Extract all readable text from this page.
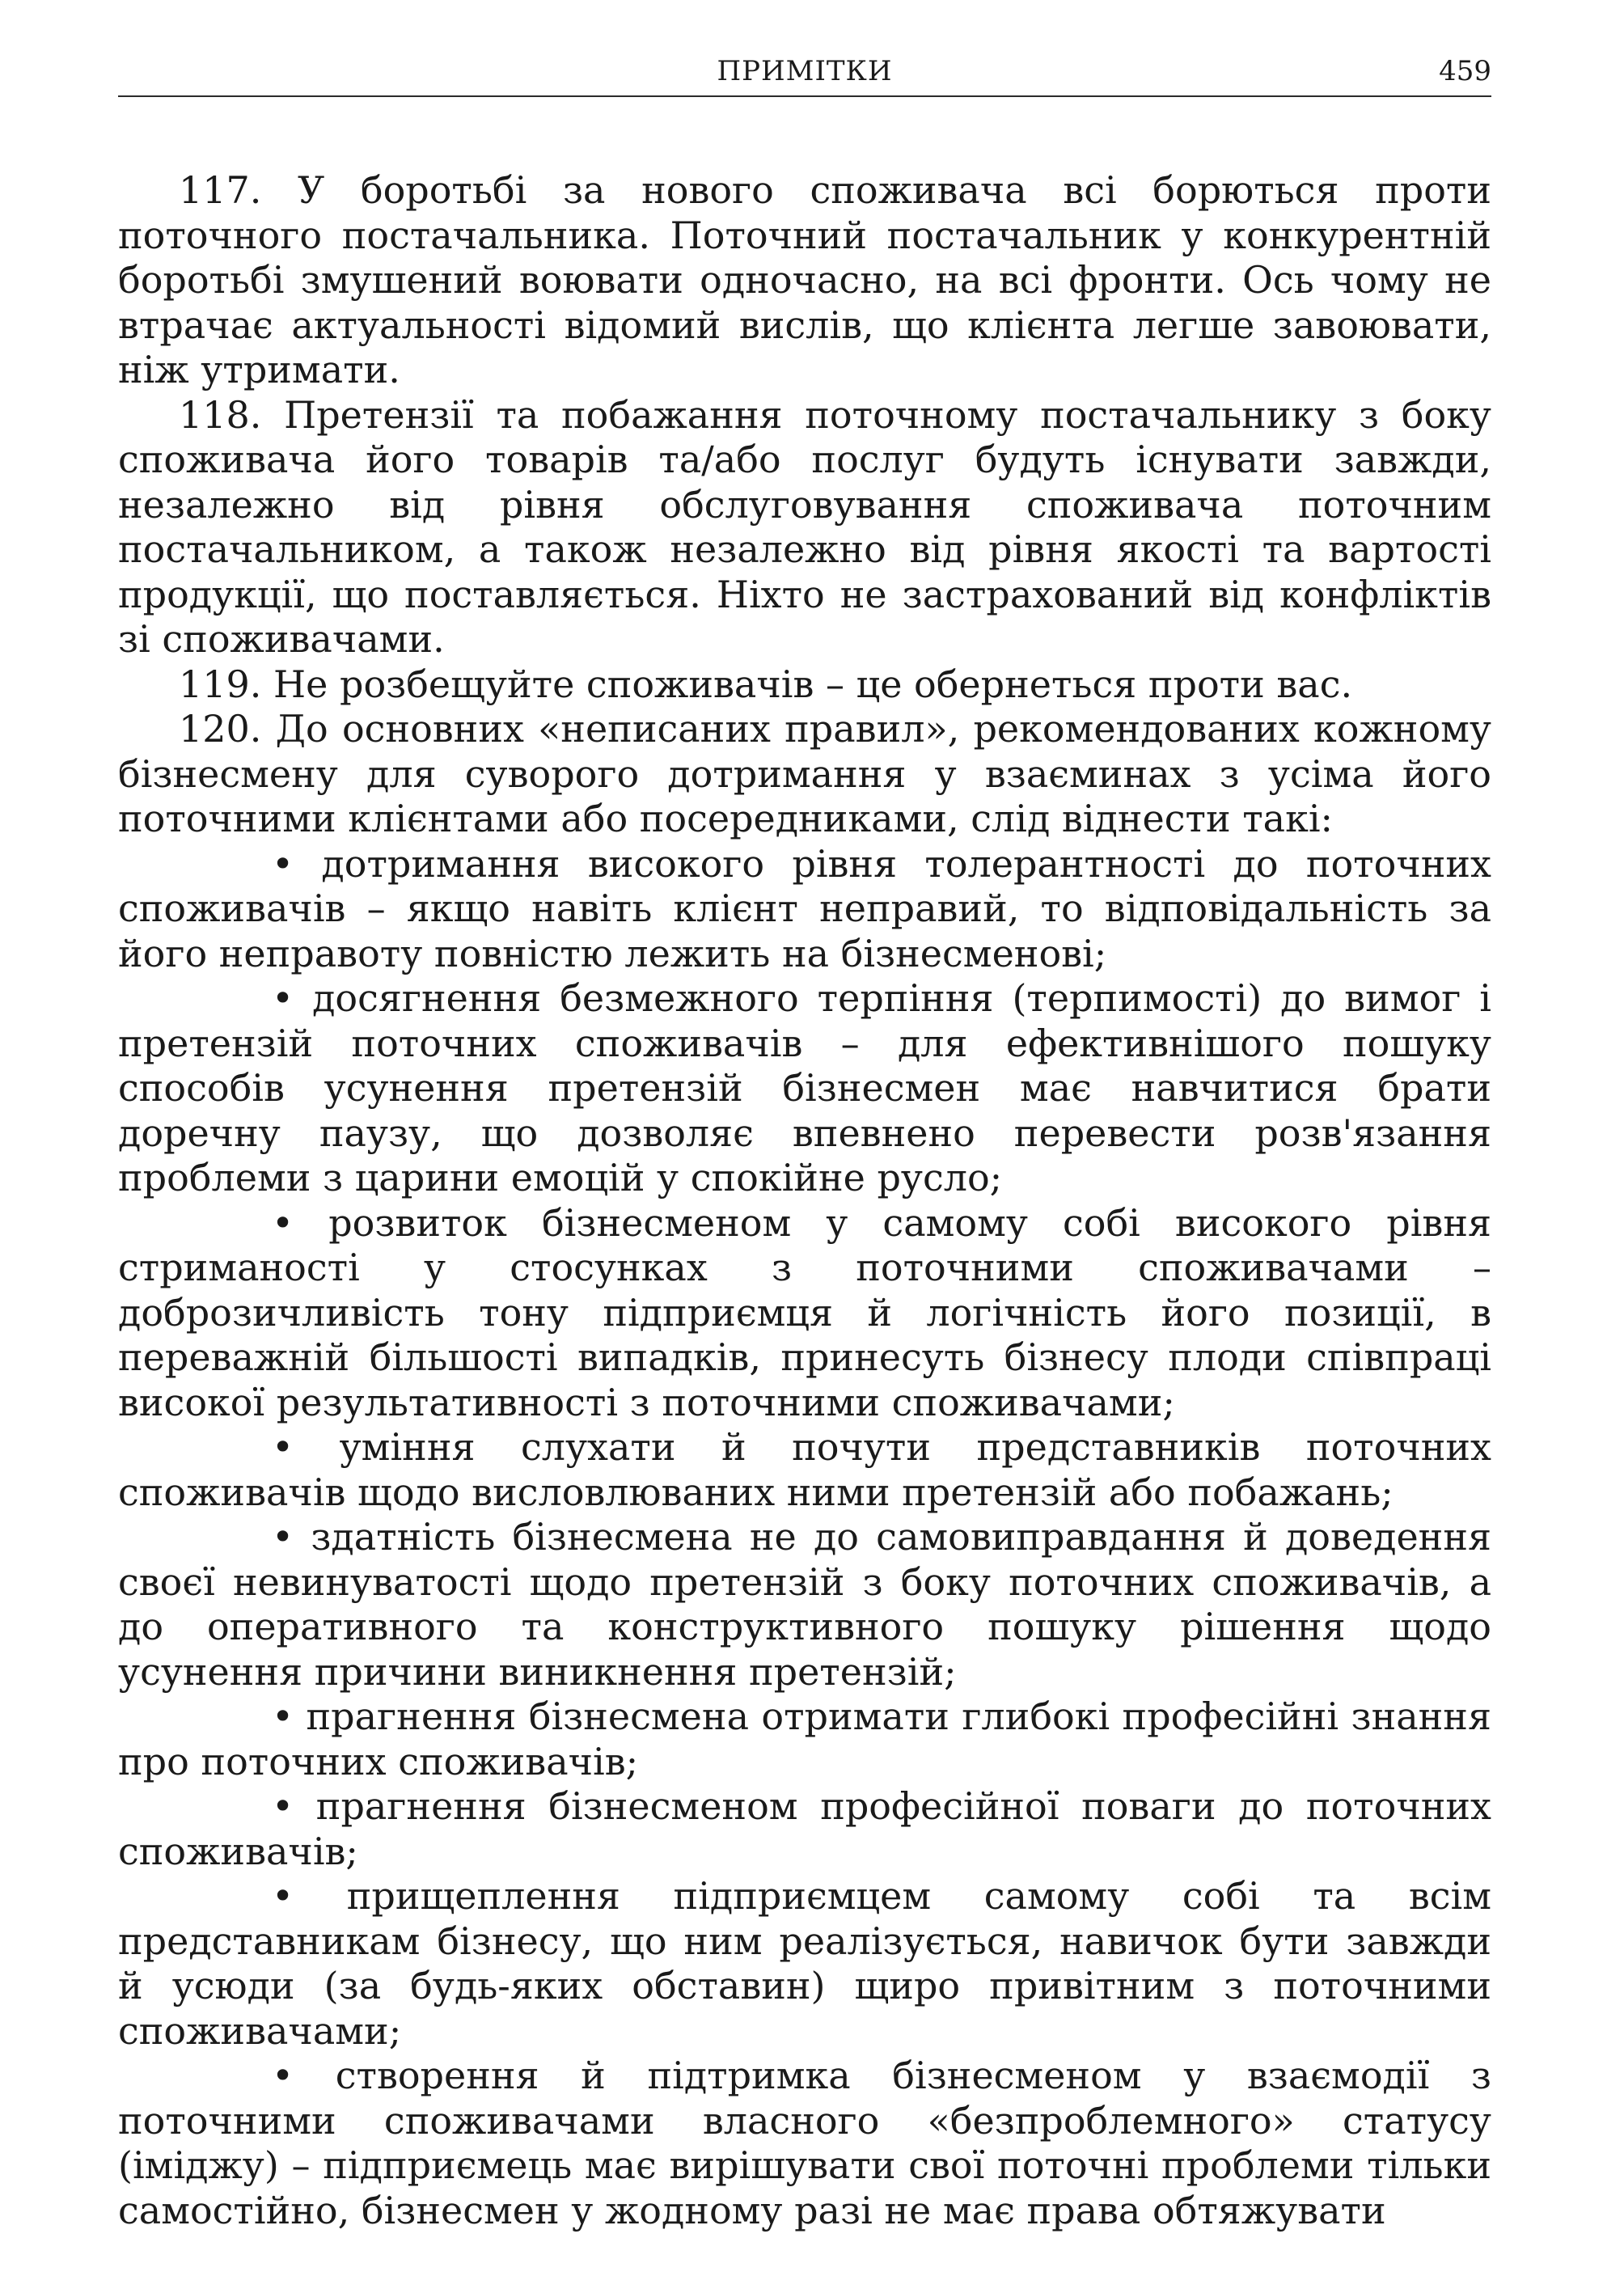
ПРИМІТКИ	459

117. У боротьбі за нового споживача всі борються проти поточного постачальника. Поточний постачальник у конкурентній боротьбі змушений воювати одночасно, на всі фронти. Ось чому не втрачає актуальності відомий вислів, що клієнта легше завоювати, ніж утримати.

118. Претензії та побажання поточному постачальнику з боку споживача його товарів та/або послуг будуть існувати завжди, незалежно від рівня обслуговування споживача поточним постачальником, а також незалежно від рівня якості та вартості продукції, що поставляється. Ніхто не застрахований від конфліктів зі споживачами.

119. Не розбещуйте споживачів – це обернеться проти вас.

120. До основних «неписаних правил», рекомендованих кожному бізнесмену для суворого дотримання у взаєминах з усіма його поточними клієнтами або посередниками, слід віднести такі:

• дотримання високого рівня толерантності до поточних споживачів – якщо навіть клієнт неправий, то відповідальність за його неправоту повністю лежить на бізнесменові;

• досягнення безмежного терпіння (терпимості) до вимог і претензій поточних споживачів – для ефективнішого пошуку способів усунення претензій бізнесмен має навчитися брати доречну паузу, що дозволяє впевнено перевести розв'язання проблеми з царини емоцій у спокійне русло;

• розвиток бізнесменом у самому собі високого рівня стриманості у стосунках з поточними споживачами – доброзичливість тону підприємця й логічність його позиції, в переважній більшості випадків, принесуть бізнесу плоди співпраці високої результативності з поточними споживачами;

• уміння слухати й почути представників поточних споживачів щодо висловлюваних ними претензій або побажань;

• здатність бізнесмена не до самовиправдання й доведення своєї невинуватості щодо претензій з боку поточних споживачів, а до оперативного та конструктивного пошуку рішення щодо усунення причини виникнення претензій;

• прагнення бізнесмена отримати глибокі професійні знання про поточних споживачів;

• прагнення бізнесменом професійної поваги до поточних споживачів;

• прищеплення підприємцем самому собі та всім представникам бізнесу, що ним реалізується, навичок бути завжди й усюди (за будь-яких обставин) щиро привітним з поточними споживачами;

• створення й підтримка бізнесменом у взаємодії з поточними споживачами власного «безпроблемного» статусу (іміджу) – підприємець має вирішувати свої поточні проблеми тільки самостійно, бізнесмен у жодному разі не має права обтяжувати
